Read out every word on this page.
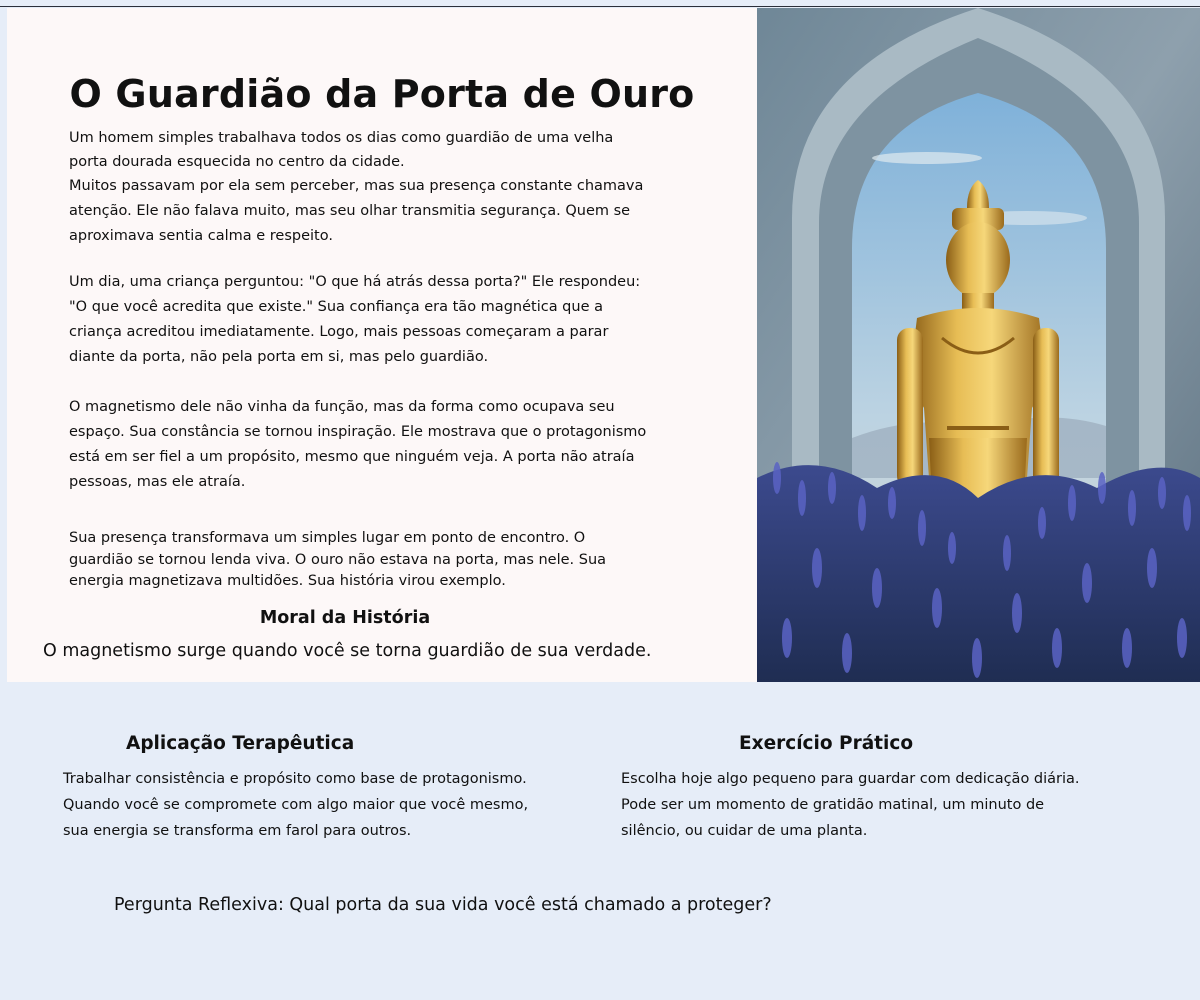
O Guardião da Porta de Ouro
Um homem simples trabalhava todos os dias como guardião de uma velha
porta dourada esquecida no centro da cidade.
Muitos passavam por ela sem perceber, mas sua presença constante chamava
atenção. Ele não falava muito, mas seu olhar transmitia segurança. Quem se
aproximava sentia calma e respeito.
Um dia, uma criança perguntou: "O que há atrás dessa porta?" Ele respondeu:
"O que você acredita que existe." Sua confiança era tão magnética que a
criança acreditou imediatamente. Logo, mais pessoas começaram a parar
diante da porta, não pela porta em si, mas pelo guardião.
O magnetismo dele não vinha da função, mas da forma como ocupava seu
espaço. Sua constância se tornou inspiração. Ele mostrava que o protagonismo
está em ser fiel a um propósito, mesmo que ninguém veja. A porta não atraía
pessoas, mas ele atraía.
Sua presença transformava um simples lugar em ponto de encontro. O
guardião se tornou lenda viva. O ouro não estava na porta, mas nele. Sua
energia magnetizava multidões. Sua história virou exemplo.
Moral da História
O magnetismo surge quando você se torna guardião de sua verdade.
Aplicação Terapêutica
Trabalhar consistência e propósito como base de protagonismo.
Quando você se compromete com algo maior que você mesmo,
sua energia se transforma em farol para outros.
Exercício Prático
Escolha hoje algo pequeno para guardar com dedicação diária.
Pode ser um momento de gratidão matinal, um minuto de
silêncio, ou cuidar de uma planta.
Pergunta Reflexiva: Qual porta da sua vida você está chamado a proteger?
